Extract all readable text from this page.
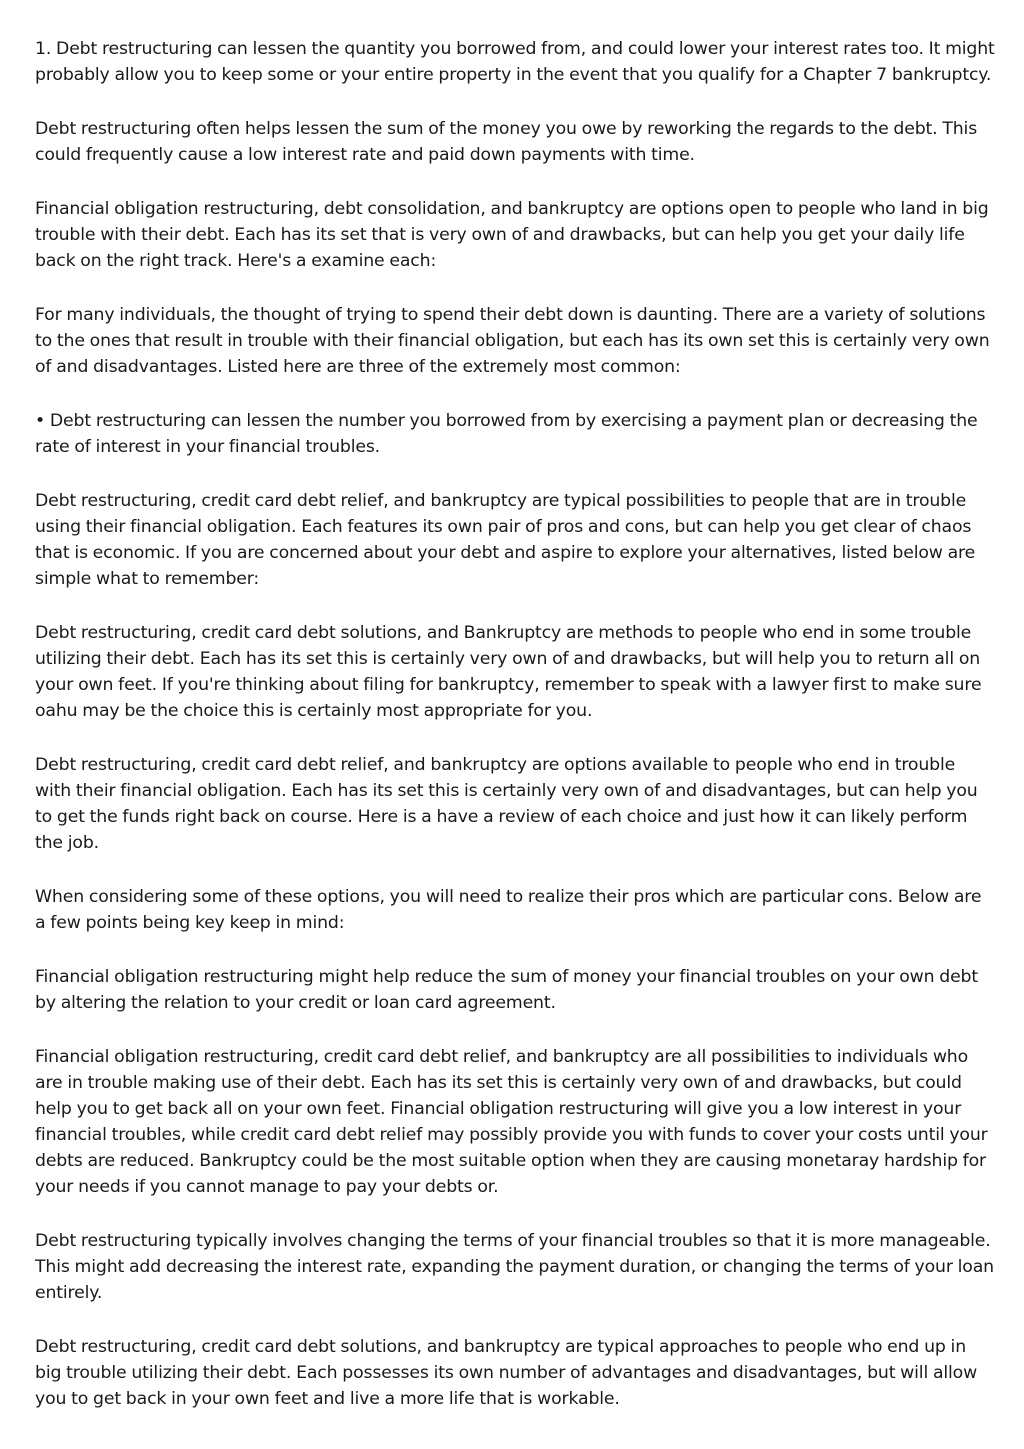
1. Debt restructuring can lessen the quantity you borrowed from, and could lower your interest rates too. It might probably allow you to keep some or your entire property in the event that you qualify for a Chapter 7 bankruptcy.

Debt restructuring often helps lessen the sum of the money you owe by reworking the regards to the debt. This could frequently cause a low interest rate and paid down payments with time.

Financial obligation restructuring, debt consolidation, and bankruptcy are options open to people who land in big trouble with their debt. Each has its set that is very own of and drawbacks, but can help you get your daily life back on the right track. Here's a examine each:

For many individuals, the thought of trying to spend their debt down is daunting. There are a variety of solutions to the ones that result in trouble with their financial obligation, but each has its own set this is certainly very own of and disadvantages. Listed here are three of the extremely most common:

• Debt restructuring can lessen the number you borrowed from by exercising a payment plan or decreasing the rate of interest in your financial troubles.

Debt restructuring, credit card debt relief, and bankruptcy are typical possibilities to people that are in trouble using their financial obligation. Each features its own pair of pros and cons, but can help you get clear of chaos that is economic. If you are concerned about your debt and aspire to explore your alternatives, listed below are simple what to remember:

Debt restructuring, credit card debt solutions, and Bankruptcy are methods to people who end in some trouble utilizing their debt. Each has its set this is certainly very own of and drawbacks, but will help you to return all on your own feet. If you're thinking about filing for bankruptcy, remember to speak with a lawyer first to make sure oahu may be the choice this is certainly most appropriate for you.

Debt restructuring, credit card debt relief, and bankruptcy are options available to people who end in trouble with their financial obligation. Each has its set this is certainly very own of and disadvantages, but can help you to get the funds right back on course. Here is a have a review of each choice and just how it can likely perform the job.

When considering some of these options, you will need to realize their pros which are particular cons. Below are a few points being key keep in mind:

Financial obligation restructuring might help reduce the sum of money your financial troubles on your own debt by altering the relation to your credit or loan card agreement.

Financial obligation restructuring, credit card debt relief, and bankruptcy are all possibilities to individuals who are in trouble making use of their debt. Each has its set this is certainly very own of and drawbacks, but could help you to get back all on your own feet. Financial obligation restructuring will give you a low interest in your financial troubles, while credit card debt relief may possibly provide you with funds to cover your costs until your debts are reduced. Bankruptcy could be the most suitable option when they are causing monetaray hardship for your needs if you cannot manage to pay your debts or.

Debt restructuring typically involves changing the terms of your financial troubles so that it is more manageable. This might add decreasing the interest rate, expanding the payment duration, or changing the terms of your loan entirely.

Debt restructuring, credit card debt solutions, and bankruptcy are typical approaches to people who end up in big trouble utilizing their debt. Each possesses its own number of advantages and disadvantages, but will allow you to get back in your own feet and live a more life that is workable.
